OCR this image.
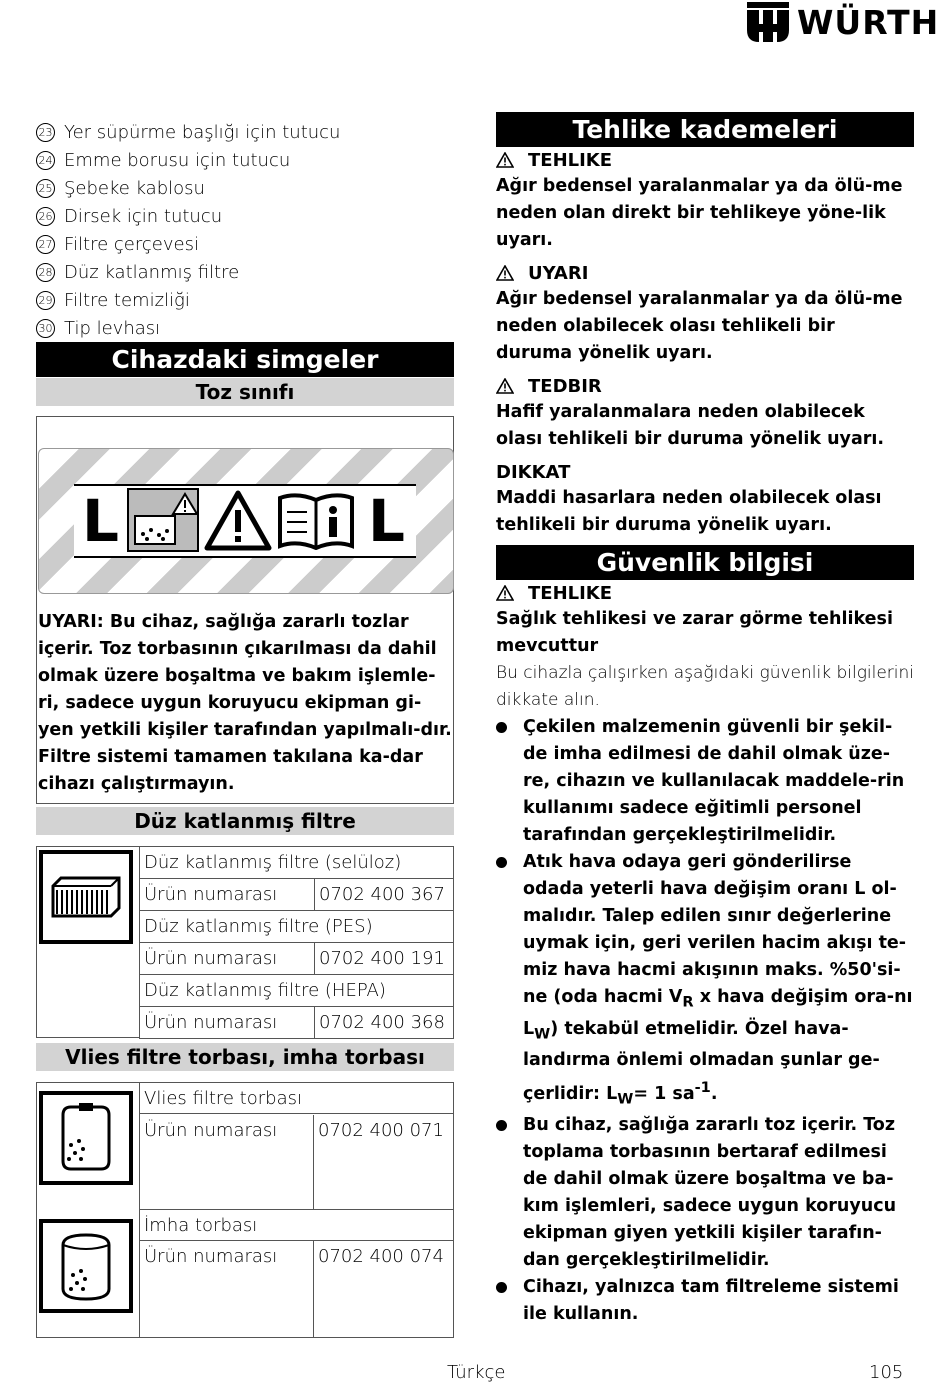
WÜRTH
23 Yer süpürme başlığı için tutucu
24 Emme borusu için tutucu
25 Şebeke kablosu
26 Dirsek için tutucu
27 Filtre çerçevesi
28 Düz katlanmış filtre
29 Filtre temizliği
30 Tip levhası
Cihazdaki simgeler
Toz sınıfı
L	L
UYARI: Bu cihaz, sağlığa zararlı tozlar içerir. Toz torbasının çıkarılması da dahil olmak üzere boşaltma ve bakım işlemle-ri, sadece uygun koruyucu ekipman gi-yen yetkili kişiler tarafından yapılmalı-dır. Filtre sistemi tamamen takılana ka-dar cihazı çalıştırmayın.
Düz katlanmış filtre
Düz katlanmış filtre (selüloz)	
Ürün numarası	0702 400 367
Düz katlanmış filtre (PES)	
Ürün numarası	0702 400 191
Düz katlanmış filtre (HEPA)	
Ürün numarası	0702 400 368
Vlies filtre torbası, imha torbası
Vlies filtre torbası
Ürün numarası	0702 400 071
İmha torbası
Ürün numarası	0702 400 074
Tehlike kademeleri
TEHLIKE
Ağır bedensel yaralanmalar ya da ölü-me neden olan direkt bir tehlikeye yöne-lik uyarı.
UYARI
Ağır bedensel yaralanmalar ya da ölü-me neden olabilecek olası tehlikeli bir duruma yönelik uyarı.
TEDBIR
Hafif yaralanmalara neden olabilecek olası tehlikeli bir duruma yönelik uyarı.
DIKKAT
Maddi hasarlara neden olabilecek olası tehlikeli bir duruma yönelik uyarı.
Güvenlik bilgisi
TEHLIKE
Sağlık tehlikesi ve zarar görme tehlikesi mevcuttur
Bu cihazla çalışırken aşağıdaki güvenlik bilgilerini dikkate alın.
Çekilen malzemenin güvenli bir şekil-de imha edilmesi de dahil olmak üze-re, cihazın ve kullanılacak maddele-rin kullanımı sadece eğitimli personel tarafından gerçekleştirilmelidir.
Atık hava odaya geri gönderilirse odada yeterli hava değişim oranı L ol-malıdır. Talep edilen sınır değerlerine uymak için, geri verilen hacim akışı te-miz hava hacmi akışının maks. %50'si-ne (oda hacmi $V_R$ x hava değişim ora-nı $L_W$) tekabül etmelidir. Özel hava-landırma önlemi olmadan şunlar ge-çerlidir: $L_W= 1$ $sa^{-1}$.
Bu cihaz, sağlığa zararlı toz içerir. Toz toplama torbasının bertaraf edilmesi de dahil olmak üzere boşaltma ve ba-kım işlemleri, sadece uygun koruyucu ekipman giyen yetkili kişiler tarafın-dan gerçekleştirilmelidir.
Cihazı, yalnızca tam filtreleme sistemi ile kullanın.
Türkçe	105
